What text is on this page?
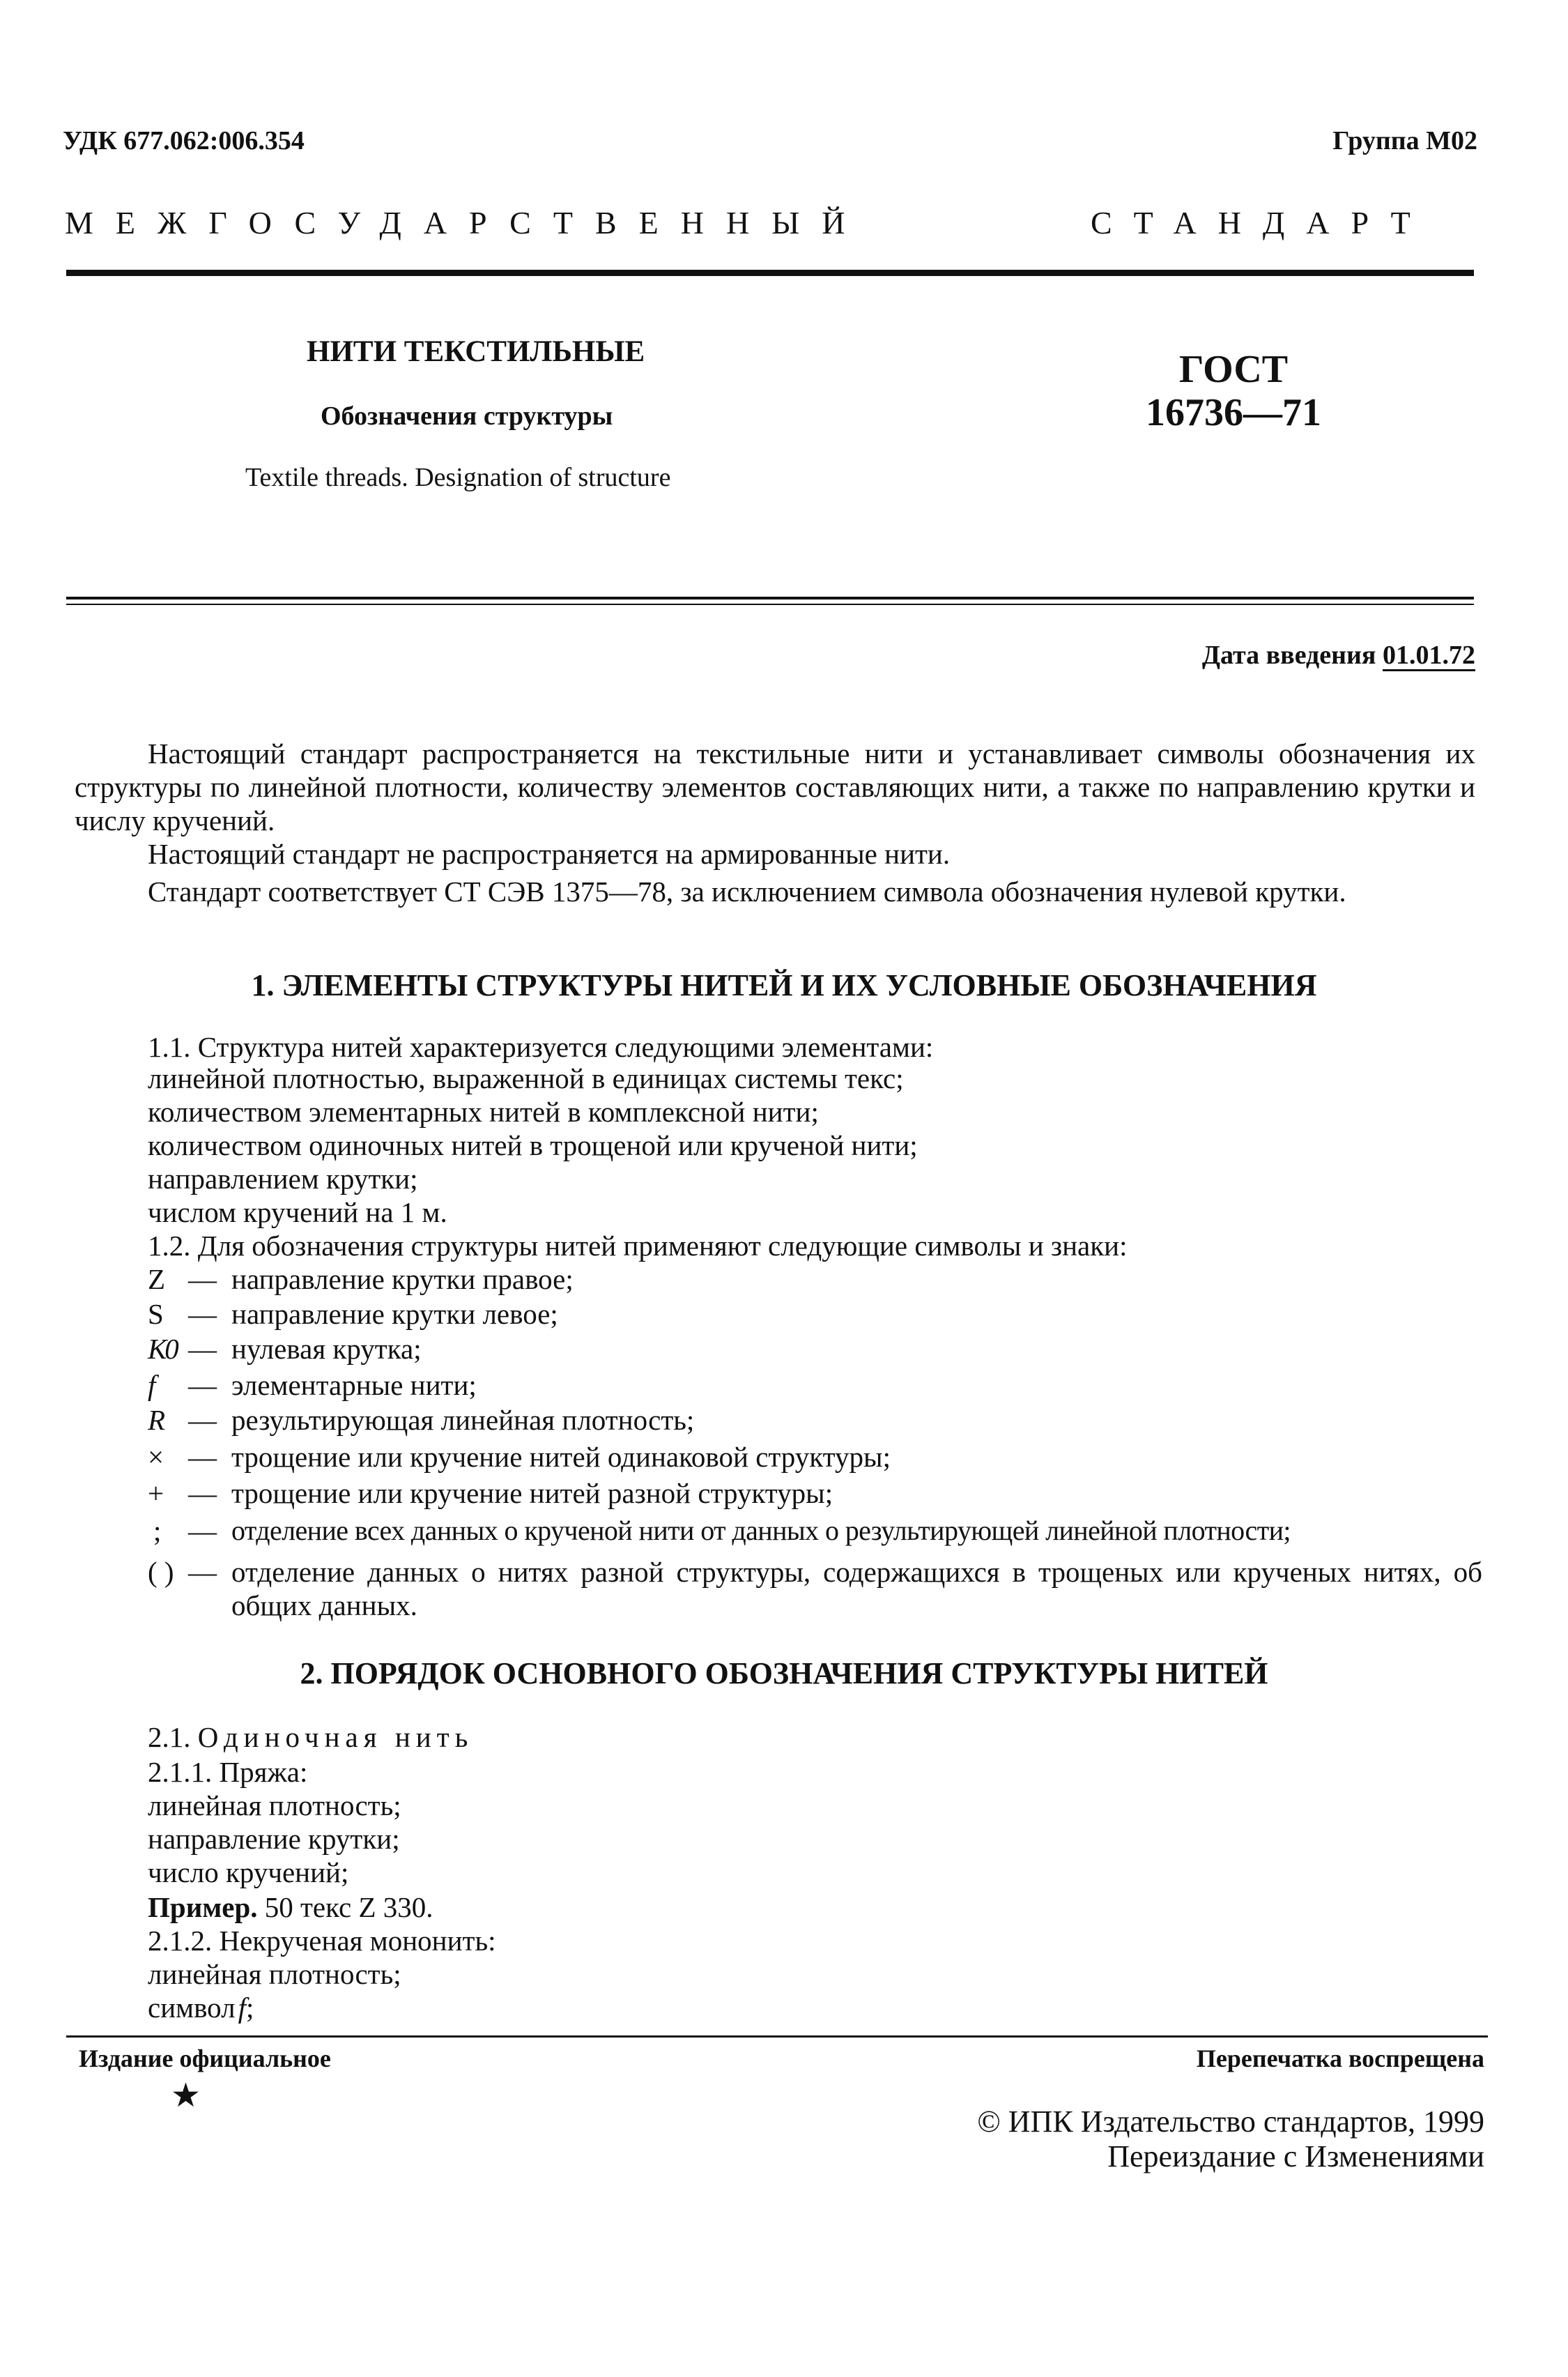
УДК 677.062:006.354	Группа М02
МЕЖГОСУДАРСТВЕННЫЙ	СТАНДАРТ
НИТИ ТЕКСТИЛЬНЫЕ
Обозначения структуры
Textile threads. Designation of structure
ГОСТ
16736—71
Дата введения 01.01.72
Настоящий стандарт распространяется на текстильные нити и устанавливает символы обозначения их структуры по линейной плотности, количеству элементов составляющих нити, а также по направлению крутки и числу кручений.
Настоящий стандарт не распространяется на армированные нити.
Стандарт соответствует СТ СЭВ 1375—78, за исключением символа обозначения нулевой крутки.
1. ЭЛЕМЕНТЫ СТРУКТУРЫ НИТЕЙ И ИХ УСЛОВНЫЕ ОБОЗНАЧЕНИЯ
1.1. Структура нитей характеризуется следующими элементами:
линейной плотностью, выраженной в единицах системы текс;
количеством элементарных нитей в комплексной нити;
количеством одиночных нитей в трощеной или крученой нити;
направлением крутки;
числом кручений на 1 м.
1.2. Для обозначения структуры нитей применяют следующие символы и знаки:
Z — направление крутки правое;
S — направление крутки левое;
К0 — нулевая крутка;
f	— элементарные нити;
R — результирующая линейная плотность;
× — трощение или кручение нитей одинаковой структуры;
+ — трощение или кручение нитей разной структуры;
; — отделение всех данных о крученой нити от данных о результирующей линейной плотности;
( ) — отделение данных о нитях разной структуры, содержащихся в трощеных или крученых нитях, об общих данных.
2. ПОРЯДОК ОСНОВНОГО ОБОЗНАЧЕНИЯ СТРУКТУРЫ НИТЕЙ
2.1. Одиночная нить
2.1.1. Пряжа:
линейная плотность;
направление крутки;
число кручений;
Пример. 50 текс Z 330.
2.1.2. Некрученая мононить:
линейная плотность;
символf;
Издание официальное
★
Перепечатка воспрещена
© ИПК Издательство стандартов, 1999
Переиздание с Изменениями
